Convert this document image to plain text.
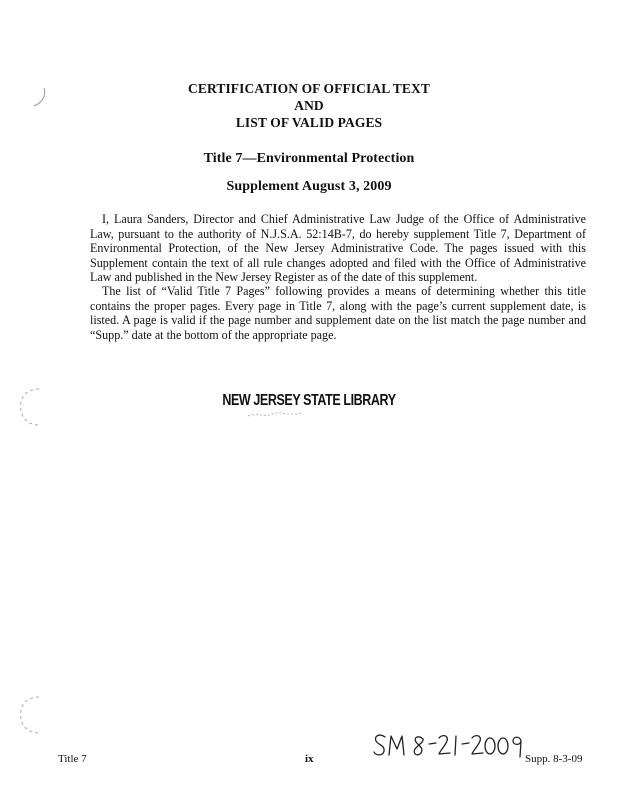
CERTIFICATION OF OFFICIAL TEXT
AND
LIST OF VALID PAGES
Title 7—Environmental Protection
Supplement August 3, 2009

I, Laura Sanders, Director and Chief Administrative Law Judge of the Office of Administrative Law, pursuant to the authority of N.J.S.A. 52:14B-7, do hereby supplement Title 7, Department of Environmental Protection, of the New Jersey Administrative Code. The pages issued with this Supplement contain the text of all rule changes adopted and filed with the Office of Administrative Law and published in the New Jersey Register as of the date of this supplement.

The list of “Valid Title 7 Pages” following provides a means of determining whether this title contains the proper pages. Every page in Title 7, along with the page’s current supplement date, is listed. A page is valid if the page number and supplement date on the list match the page number and “Supp.” date at the bottom of the appropriate page.

NEW JERSEY STATE LIBRARY
Title 7	ix	Supp. 8-3-09
